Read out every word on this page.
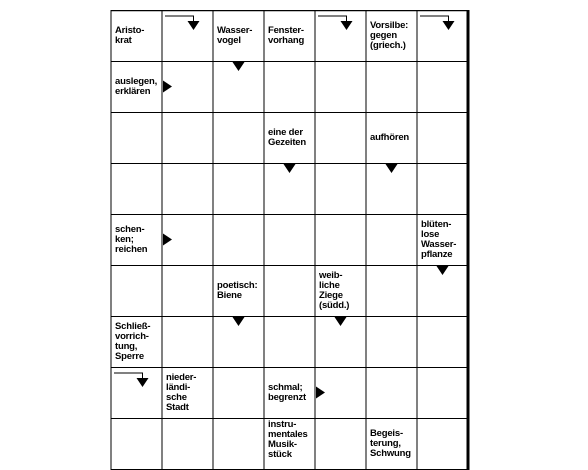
Aristo-
krat
Wasser-
vogel
Fenster-
vorhang
Vorsilbe:
gegen
(griech.)
auslegen,
erklären
eine der
Gezeiten	aufhören
schen-
ken;
reichen
blüten-
lose
Wasser-
pflanze
poetisch:
Biene
weib-
liche
Ziege
(südd.)
Schließ-
vorrich-
tung,
Sperre
nieder-
ländi-
sche
Stadt
schmal;
begrenzt
instru-
mentales
Musik-
stück
Begeis-
terung,
Schwung
